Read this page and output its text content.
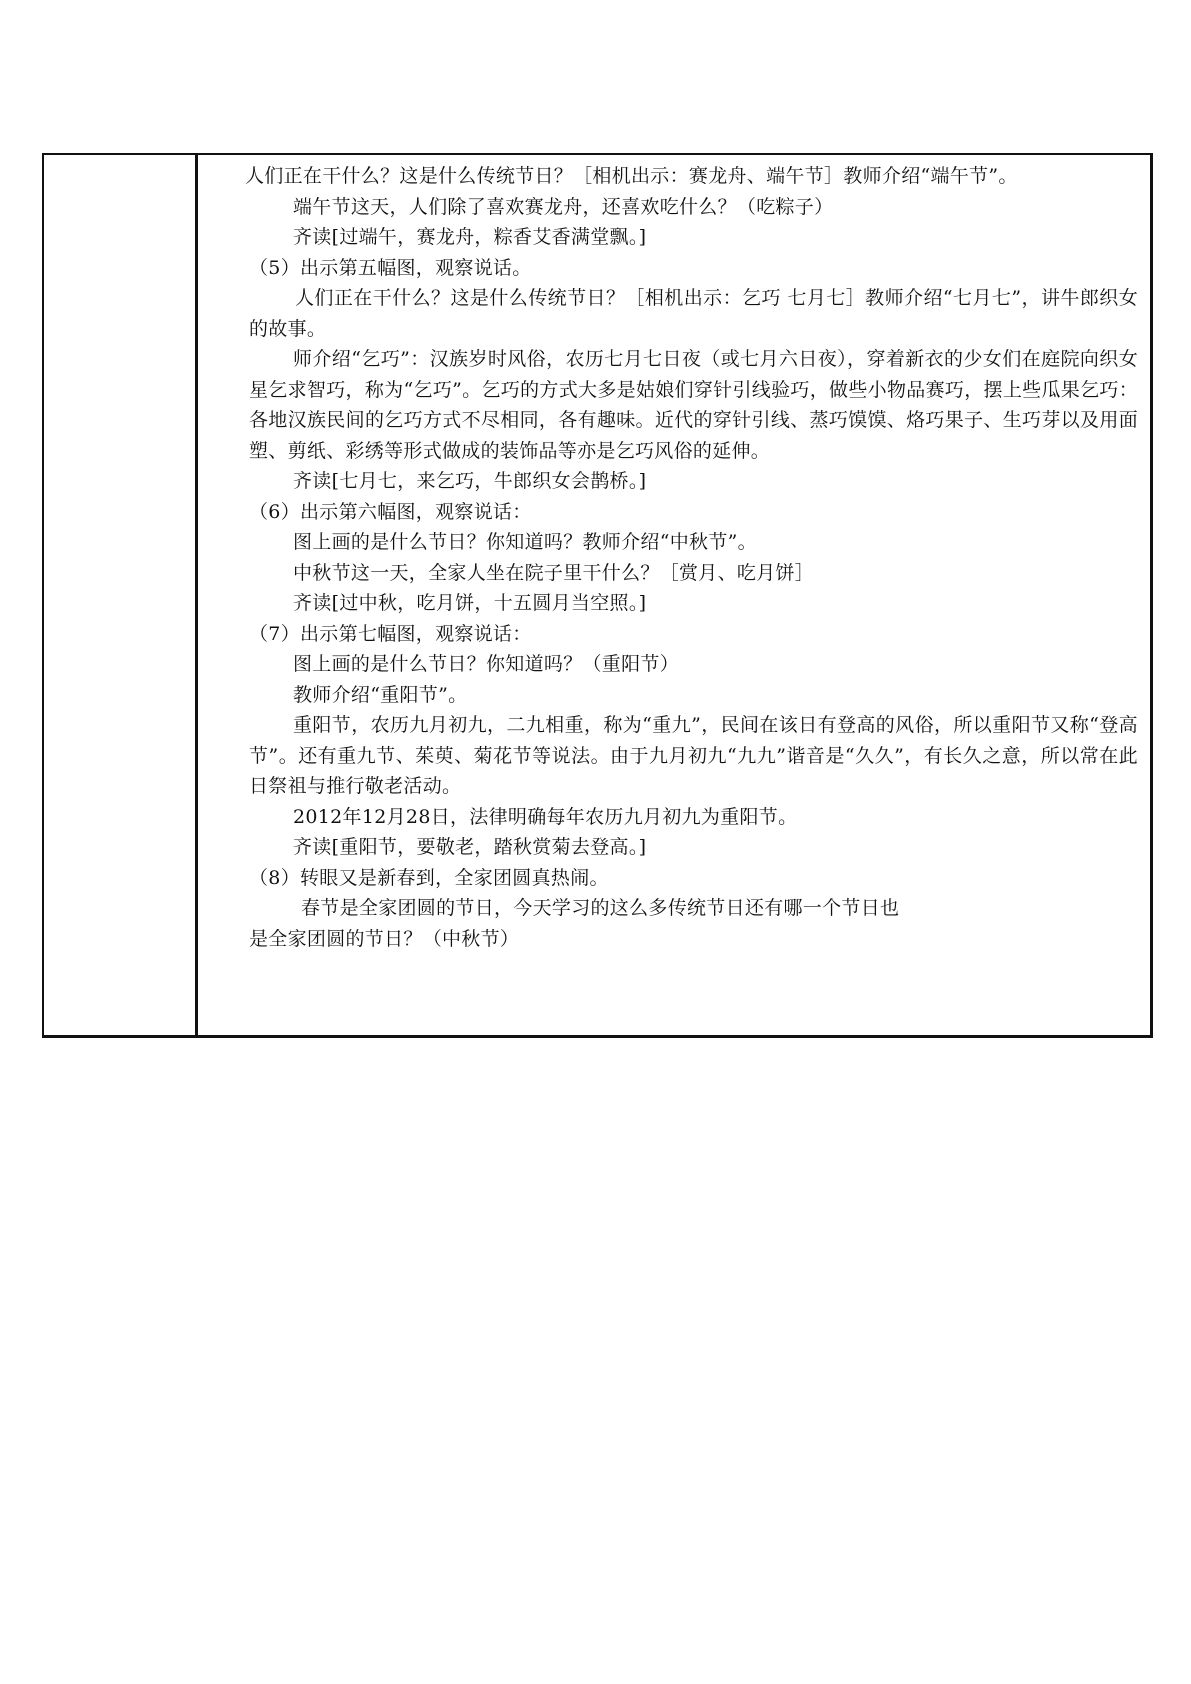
人们正在干什么？这是什么传统节日？［相机出示：赛龙舟、端午节］教师介绍“端午节”。

端午节这天，人们除了喜欢赛龙舟，还喜欢吃什么？（吃粽子）

齐读[过端午，赛龙舟，粽香艾香满堂飘。]

（5）出示第五幅图，观察说话。

人们正在干什么？这是什么传统节日？［相机出示：乞巧 七月七］教师介绍“七月七”，讲牛郎织女的故事。

师介绍“乞巧”：汉族岁时风俗，农历七月七日夜（或七月六日夜），穿着新衣的少女们在庭院向织女星乞求智巧，称为“乞巧”。乞巧的方式大多是姑娘们穿针引线验巧，做些小物品赛巧，摆上些瓜果乞巧：各地汉族民间的乞巧方式不尽相同，各有趣味。近代的穿针引线、蒸巧馍馍、烙巧果子、生巧芽以及用面塑、剪纸、彩绣等形式做成的装饰品等亦是乞巧风俗的延伸。

齐读[七月七，来乞巧，牛郎织女会鹊桥。]

（6）出示第六幅图，观察说话：

图上画的是什么节日？你知道吗？教师介绍“中秋节”。

中秋节这一天，全家人坐在院子里干什么？［赏月、吃月饼］

齐读[过中秋，吃月饼，十五圆月当空照。]

（7）出示第七幅图，观察说话：

图上画的是什么节日？你知道吗？（重阳节）

教师介绍“重阳节”。

重阳节，农历九月初九，二九相重，称为“重九”，民间在该日有登高的风俗，所以重阳节又称“登高节”。还有重九节、茱萸、菊花节等说法。由于九月初九“九九”谐音是“久久”，有长久之意，所以常在此日祭祖与推行敬老活动。

2012年12月28日，法律明确每年农历九月初九为重阳节。

齐读[重阳节，要敬老，踏秋赏菊去登高。]

（8）转眼又是新春到，全家团圆真热闹。

春节是全家团圆的节日，今天学习的这么多传统节日还有哪一个节日也

是全家团圆的节日？（中秋节）
